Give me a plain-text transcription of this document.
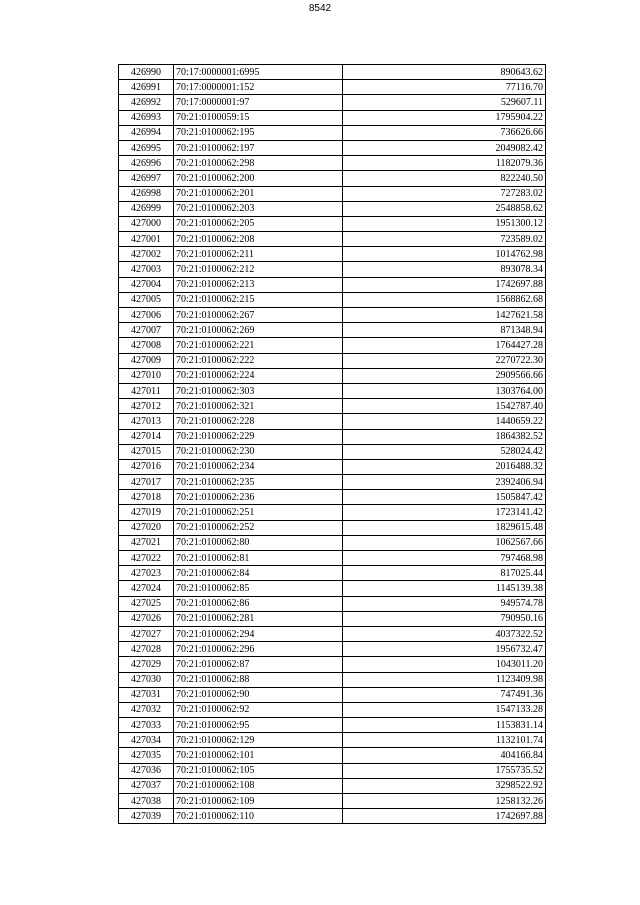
8542
426990	70:17:0000001:6995	890643.62
426991	70:17:0000001:152	77116.70
426992	70:17:0000001:97	529607.11
426993	70:21:0100059:15	1795904.22
426994	70:21:0100062:195	736626.66
426995	70:21:0100062:197	2049082.42
426996	70:21:0100062:298	1182079.36
426997	70:21:0100062:200	822240.50
426998	70:21:0100062:201	727283.02
426999	70:21:0100062:203	2548858.62
427000	70:21:0100062:205	1951300.12
427001	70:21:0100062:208	723589.02
427002	70:21:0100062:211	1014762.98
427003	70:21:0100062:212	893078.34
427004	70:21:0100062:213	1742697.88
427005	70:21:0100062:215	1568862.68
427006	70:21:0100062:267	1427621.58
427007	70:21:0100062:269	871348.94
427008	70:21:0100062:221	1764427.28
427009	70:21:0100062:222	2270722.30
427010	70:21:0100062:224	2909566.66
427011	70:21:0100062:303	1303764.00
427012	70:21:0100062:321	1542787.40
427013	70:21:0100062:228	1440659.22
427014	70:21:0100062:229	1864382.52
427015	70:21:0100062:230	528024.42
427016	70:21:0100062:234	2016488.32
427017	70:21:0100062:235	2392406.94
427018	70:21:0100062:236	1505847.42
427019	70:21:0100062:251	1723141.42
427020	70:21:0100062:252	1829615.48
427021	70:21:0100062:80	1062567.66
427022	70:21:0100062:81	797468.98
427023	70:21:0100062:84	817025.44
427024	70:21:0100062:85	1145139.38
427025	70:21:0100062:86	949574.78
427026	70:21:0100062:281	790950.16
427027	70:21:0100062:294	4037322.52
427028	70:21:0100062:296	1956732.47
427029	70:21:0100062:87	1043011.20
427030	70:21:0100062:88	1123409.98
427031	70:21:0100062:90	747491.36
427032	70:21:0100062:92	1547133.28
427033	70:21:0100062:95	1153831.14
427034	70:21:0100062:129	1132101.74
427035	70:21:0100062:101	404166.84
427036	70:21:0100062:105	1755735.52
427037	70:21:0100062:108	3298522.92
427038	70:21:0100062:109	1258132.26
427039	70:21:0100062:110	1742697.88
